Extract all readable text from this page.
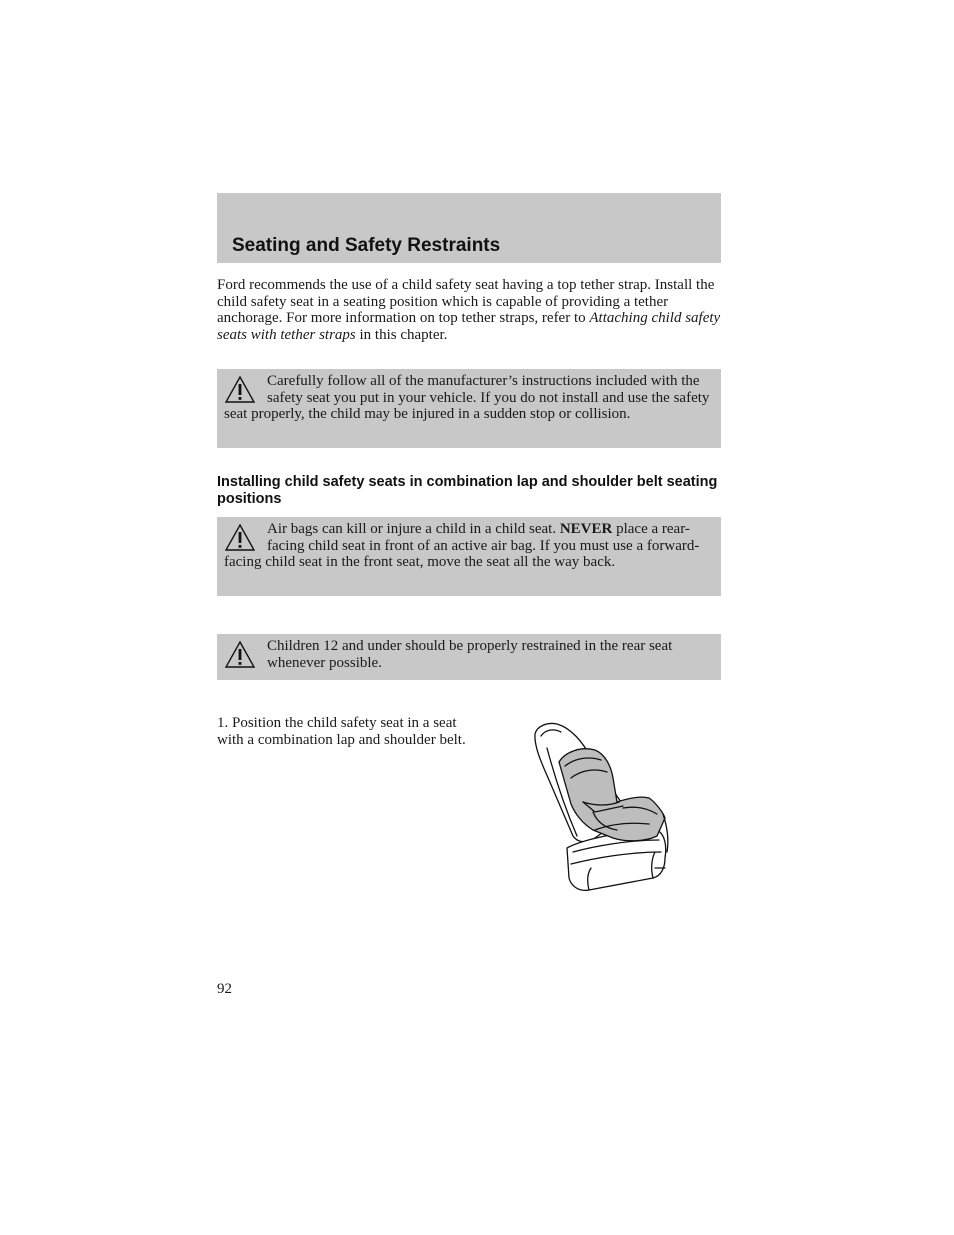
Seating and Safety Restraints

Ford recommends the use of a child safety seat having a top tether strap. Install the child safety seat in a seating position which is capable of providing a tether anchorage. For more information on top tether straps, refer to Attaching child safety seats with tether straps in this chapter.

Carefully follow all of the manufacturer’s instructions included with the safety seat you put in your vehicle. If you do not install and use the safety seat properly, the child may be injured in a sudden stop or collision.

Installing child safety seats in combination lap and shoulder belt seating positions

Air bags can kill or injure a child in a child seat. NEVER place a rear-facing child seat in front of an active air bag. If you must use a forward-facing child seat in the front seat, move the seat all the way back.

Children 12 and under should be properly restrained in the rear seat whenever possible.

1. Position the child safety seat in a seat with a combination lap and shoulder belt.

92
